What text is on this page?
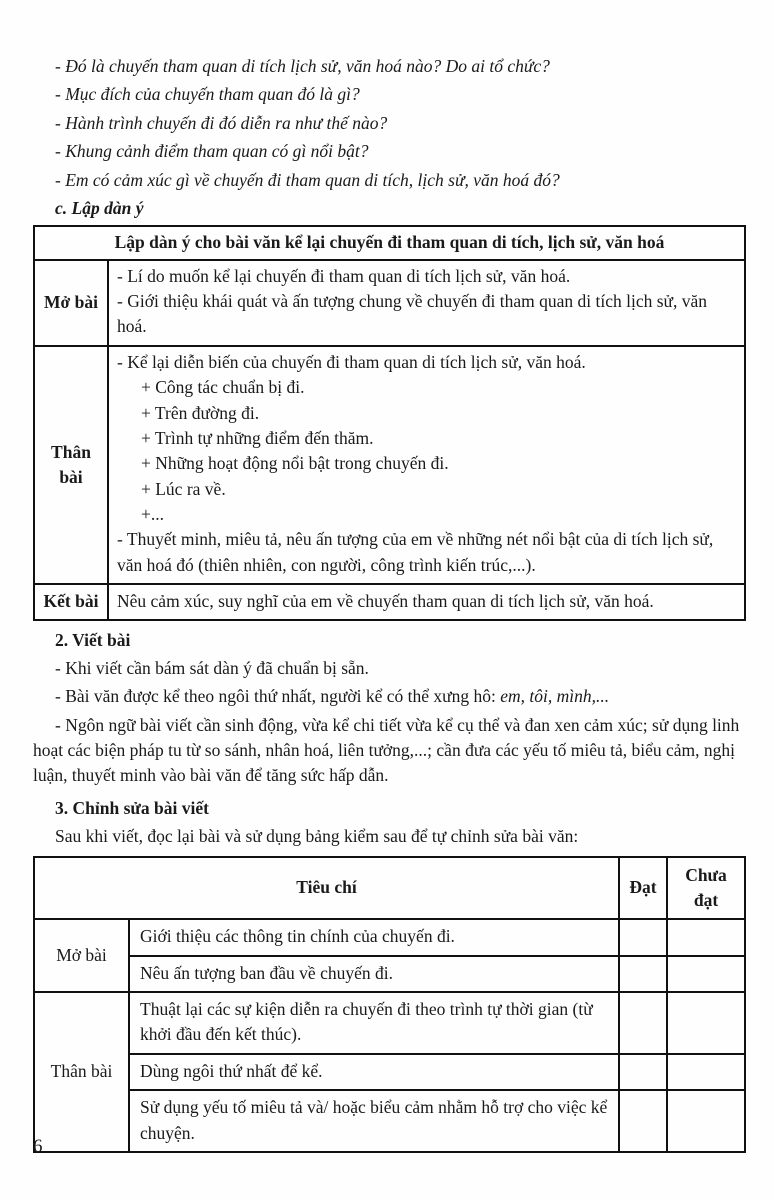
- Đó là chuyến tham quan di tích lịch sử, văn hoá nào? Do ai tổ chức?
- Mục đích của chuyến tham quan đó là gì?
- Hành trình chuyến đi đó diễn ra như thế nào?
- Khung cảnh điểm tham quan có gì nổi bật?
- Em có cảm xúc gì về chuyến đi tham quan di tích, lịch sử, văn hoá đó?
c. Lập dàn ý
Lập dàn ý cho bài văn kể lại chuyến đi tham quan di tích, lịch sử, văn hoá	
Mở bài	- Lí do muốn kể lại chuyến đi tham quan di tích lịch sử, văn hoá.
- Giới thiệu khái quát và ấn tượng chung về chuyến đi tham quan di tích lịch sử, văn hoá.

Thân bài	
- Kể lại diễn biến của chuyến đi tham quan di tích lịch sử, văn hoá.
+ Công tác chuẩn bị đi.
+ Trên đường đi.
+ Trình tự những điểm đến thăm.
+ Những hoạt động nổi bật trong chuyến đi.
+ Lúc ra về.
+...
- Thuyết minh, miêu tả, nêu ấn tượng của em về những nét nổi bật của di tích lịch sử, văn hoá đó (thiên nhiên, con người, công trình kiến trúc,...).

Kết bài	Nêu cảm xúc, suy nghĩ của em về chuyến tham quan di tích lịch sử, văn hoá.
2. Viết bài
- Khi viết cần bám sát dàn ý đã chuẩn bị sẵn.
- Bài văn được kể theo ngôi thứ nhất, người kể có thể xưng hô: em, tôi, mình,...
- Ngôn ngữ bài viết cần sinh động, vừa kể chi tiết vừa kể cụ thể và đan xen cảm xúc; sử dụng linh hoạt các biện pháp tu từ so sánh, nhân hoá, liên tưởng,...; cần đưa các yếu tố miêu tả, biểu cảm, nghị luận, thuyết minh vào bài văn để tăng sức hấp dẫn.
3. Chỉnh sửa bài viết
Sau khi viết, đọc lại bài và sử dụng bảng kiểm sau để tự chỉnh sửa bài văn:
Tiêu chí		Đạt	Chưa đạt
Mở bài	Giới thiệu các thông tin chính của chuyến đi.		
	Nêu ấn tượng ban đầu về chuyến đi.		
Thân bài	Thuật lại các sự kiện diễn ra chuyến đi theo trình tự thời gian (từ khởi đầu đến kết thúc).		
	Dùng ngôi thứ nhất để kể.		
	Sử dụng yếu tố miêu tả và/ hoặc biểu cảm nhằm hỗ trợ cho việc kể chuyện.		
6
